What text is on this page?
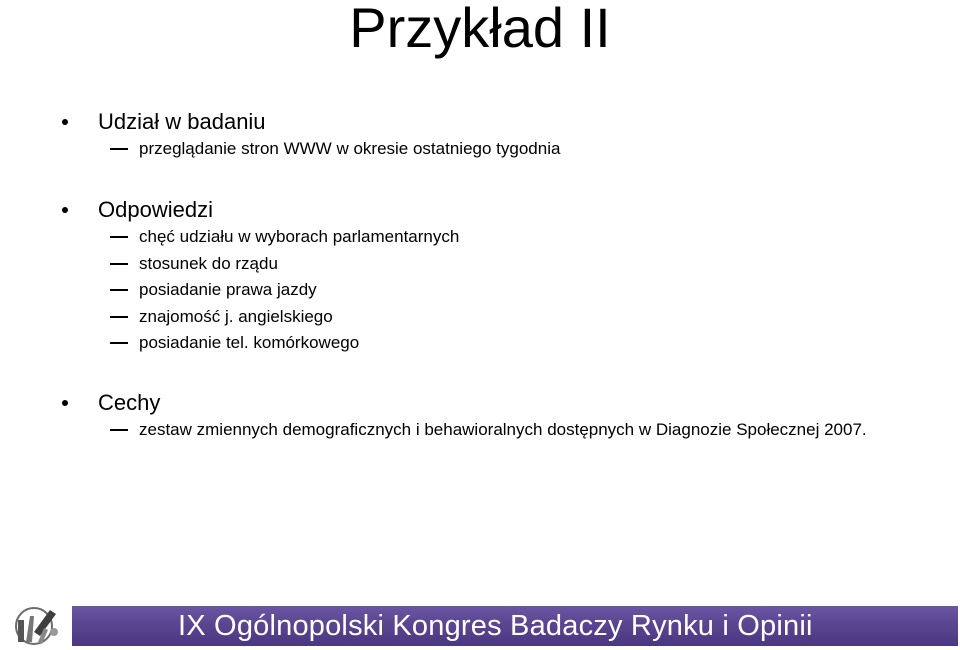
Przykład II
Udział w badaniu
przeglądanie stron WWW w okresie ostatniego tygodnia
Odpowiedzi
chęć udziału w wyborach parlamentarnych
stosunek do rządu
posiadanie prawa jazdy
znajomość j. angielskiego
posiadanie tel. komórkowego
Cechy
zestaw zmiennych demograficznych i behawioralnych dostępnych w Diagnozie Społecznej 2007.
IX Ogólnopolski Kongres Badaczy Rynku i Opinii
